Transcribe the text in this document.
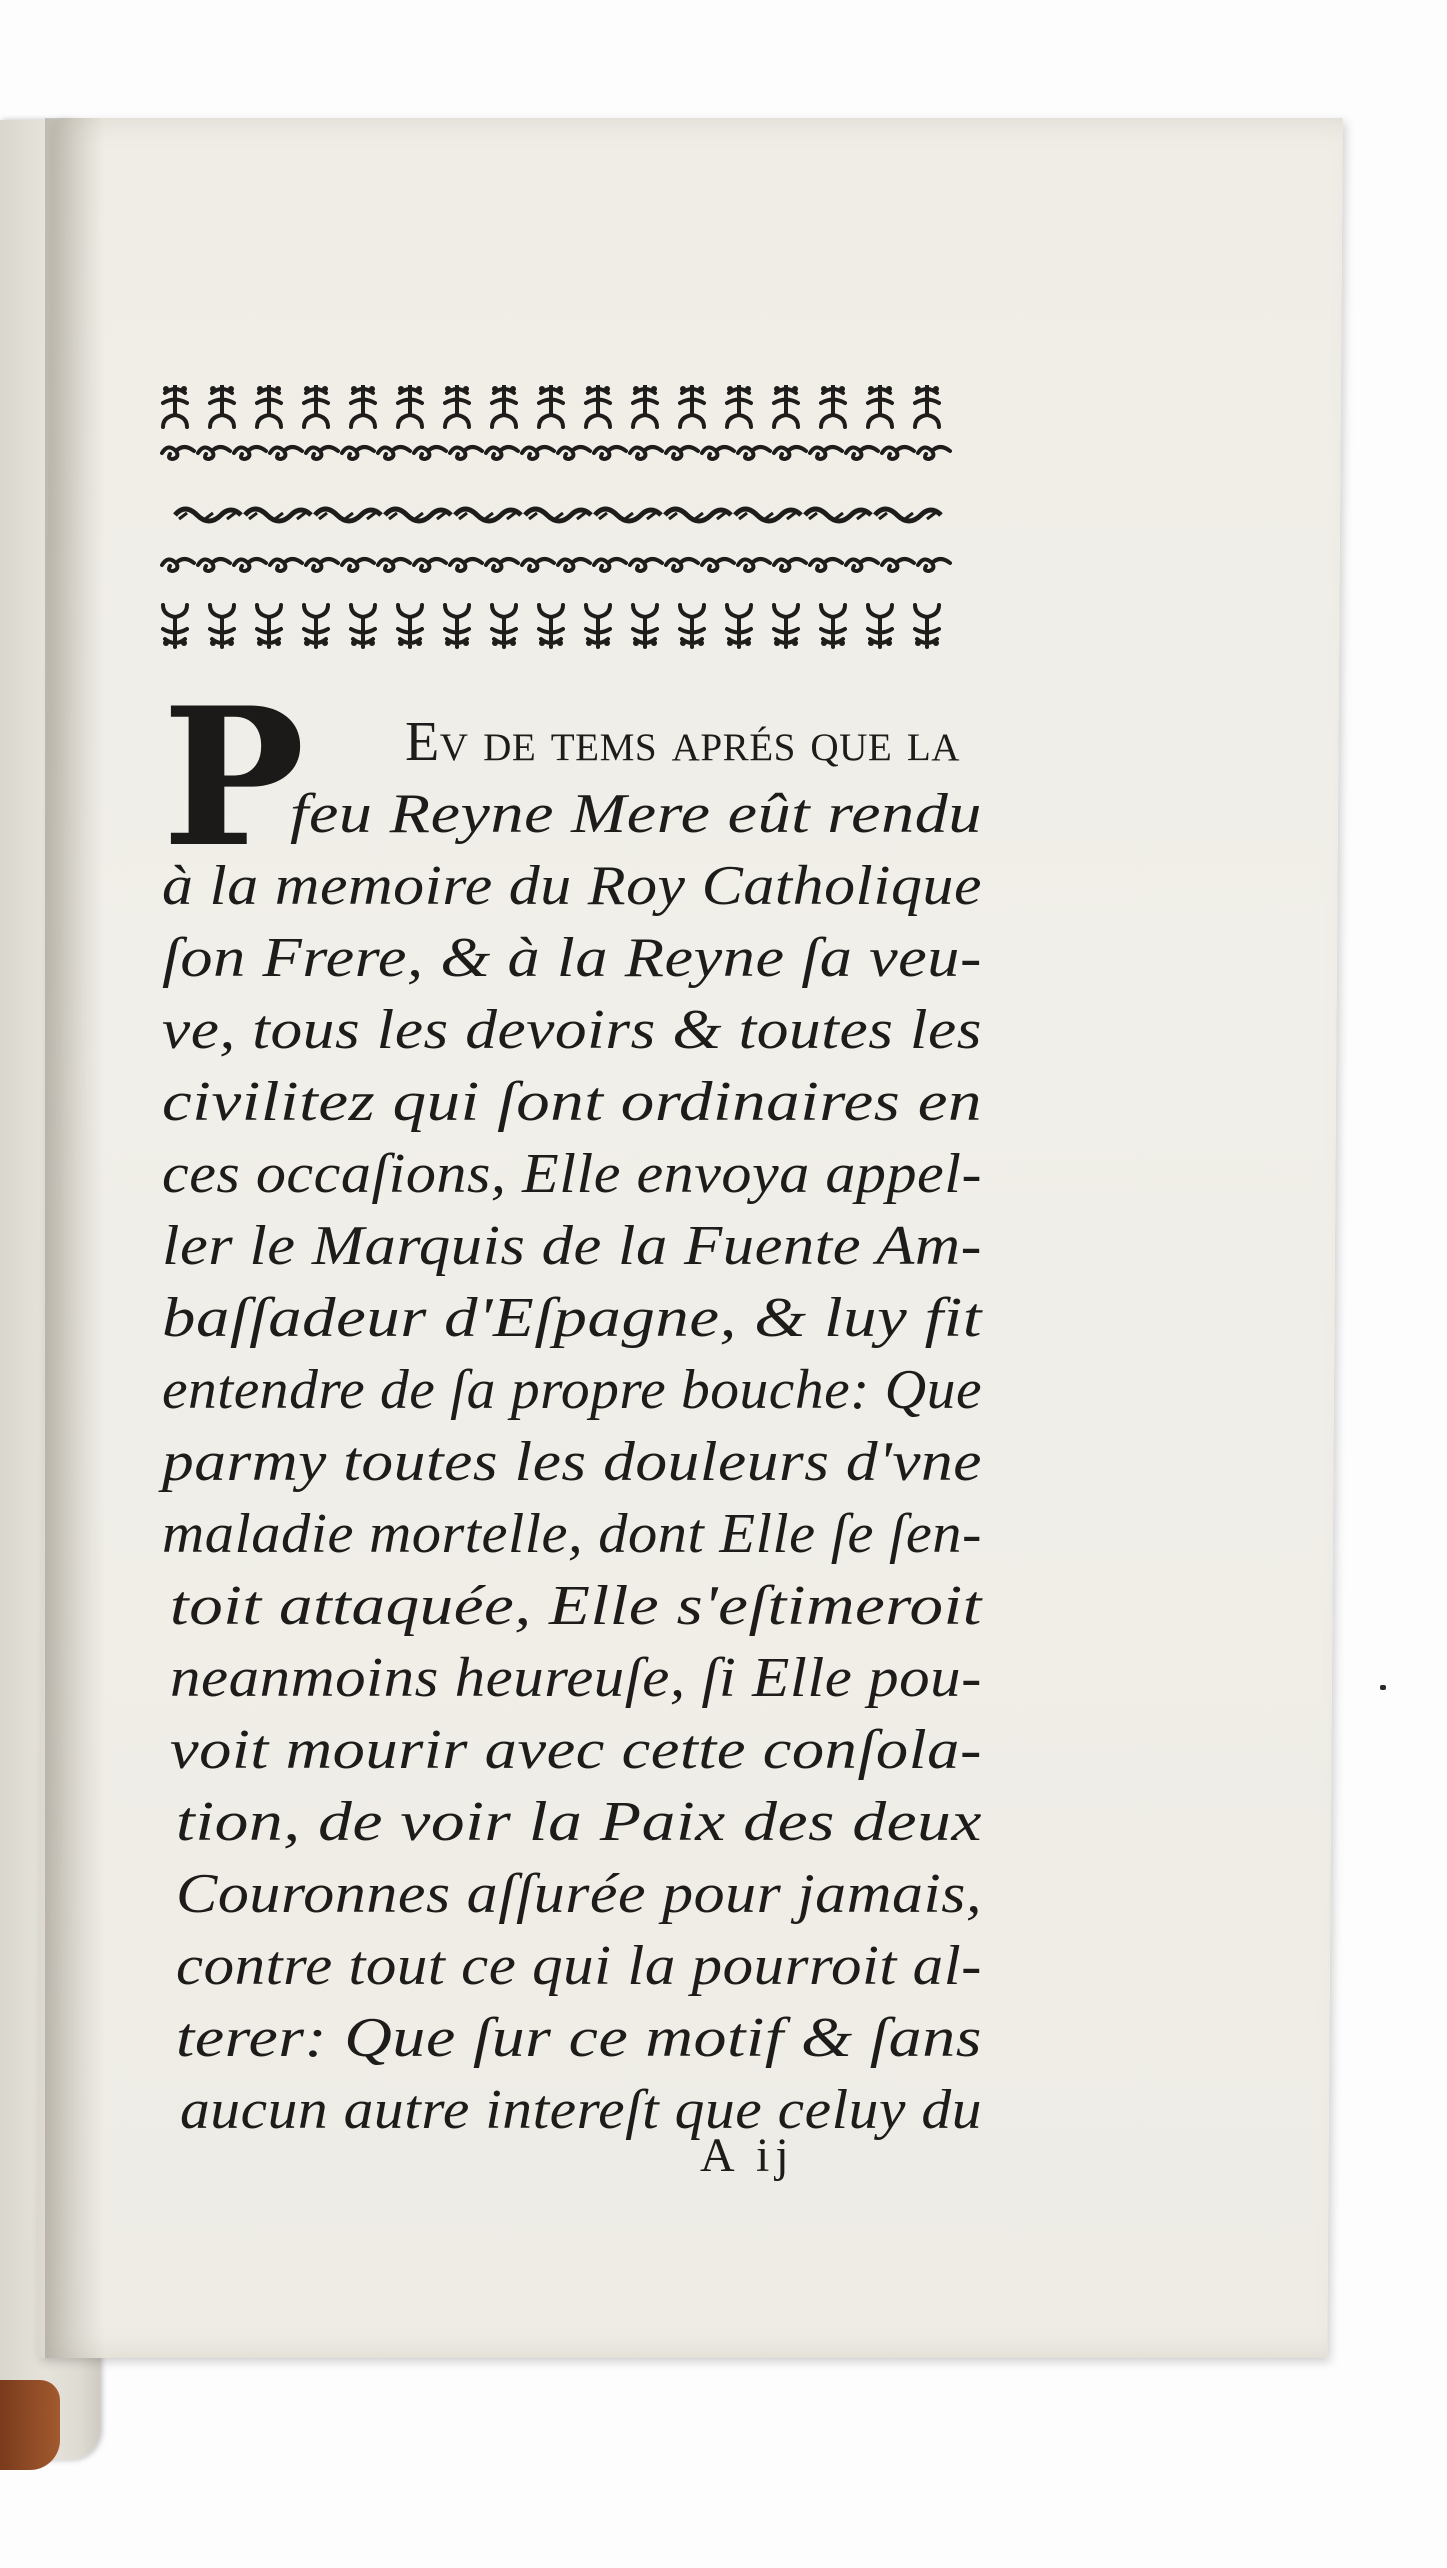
P Ev de tems aprés que la
feu Reyne Mere eût rendu
à la memoire du Roy Catholique
ſon Frere, & à la Reyne ſa veu-
ve, tous les devoirs & toutes les
civilitez qui ſont ordinaires en
ces occaſions, Elle envoya appel-
ler le Marquis de la Fuente Am-
baſſadeur d'Eſpagne, & luy fit
entendre de ſa propre bouche: Que
parmy toutes les douleurs d'vne
maladie mortelle, dont Elle ſe ſen-
toit attaquée, Elle s'eſtimeroit
neanmoins heureuſe, ſi Elle pou-
voit mourir avec cette conſola-
tion, de voir la Paix des deux
Couronnes aſſurée pour jamais,
contre tout ce qui la pourroit al-
terer: Que ſur ce motif & ſans
aucun autre intereſt que celuy du
A ij
